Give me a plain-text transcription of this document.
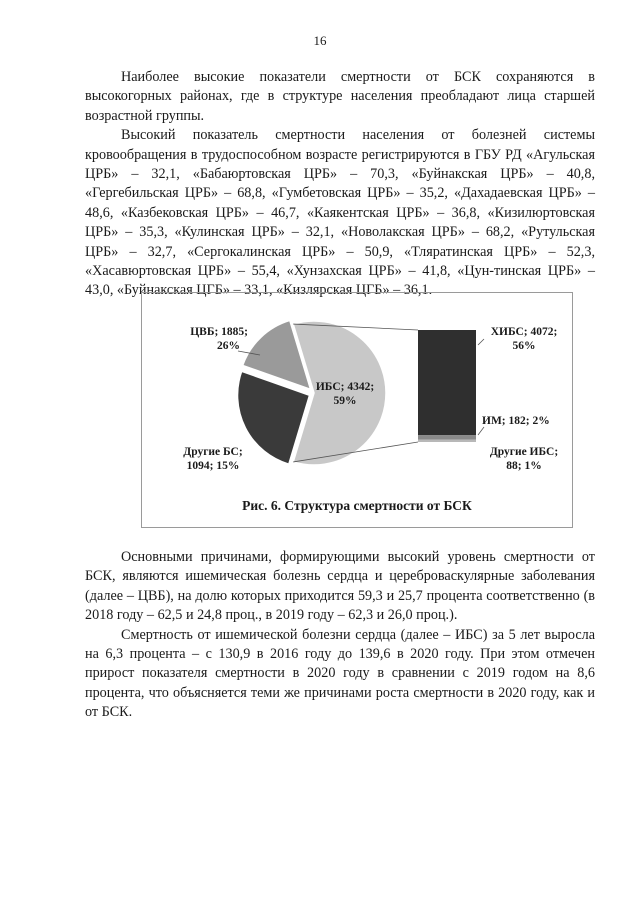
16

Наиболее высокие показатели смертности от БСК сохраняются в высокогорных районах, где в структуре населения преобладают лица старшей возрастной группы.

Высокий показатель смертности населения от болезней системы кровообращения в трудоспособном возрасте регистрируются в ГБУ РД «Агульская ЦРБ» – 32,1, «Бабаюртовская ЦРБ» – 70,3, «Буйнакская ЦРБ» – 40,8, «Гергебильская ЦРБ» – 68,8, «Гумбетовская ЦРБ» – 35,2, «Дахадаевская ЦРБ» – 48,6, «Казбековская ЦРБ» – 46,7, «Каякентская ЦРБ» – 36,8, «Кизилюртовская ЦРБ» – 35,3, «Кулинская ЦРБ» – 32,1, «Новолакская ЦРБ» – 68,2, «Рутульская ЦРБ» – 32,7, «Сергокалинская ЦРБ» – 50,9, «Тляратинская ЦРБ» – 52,3, «Хасавюртовская ЦРБ» – 55,4, «Хунзахская ЦРБ» – 41,8, «Цун-тинская ЦРБ» – 43,0, «Буйнакская ЦГБ» – 33,1, «Кизлярская ЦГБ» – 36,1.

ЦВБ; 1885;
26%
ИБС; 4342;
59%
Другие БС;
1094; 15%
ХИБС; 4072;
56%
ИМ; 182; 2%
Другие ИБС;
88; 1%
Рис. 6. Структура смертности от БСК

Основными причинами, формирующими высокий уровень смертности от БСК, являются ишемическая болезнь сердца и цереброваскулярные заболевания (далее – ЦВБ), на долю которых приходится 59,3 и 25,7 процента соответственно (в 2018 году – 62,5 и 24,8 проц., в 2019 году – 62,3 и 26,0 проц.).

Смертность от ишемической болезни сердца (далее – ИБС) за 5 лет выросла на 6,3 процента – с 130,9 в 2016 году до 139,6 в 2020 году. При этом отмечен прирост показателя смертности в 2020 году в сравнении с 2019 годом на 8,6 процента, что объясняется теми же причинами роста смертности в 2020 году, как и от БСК.
